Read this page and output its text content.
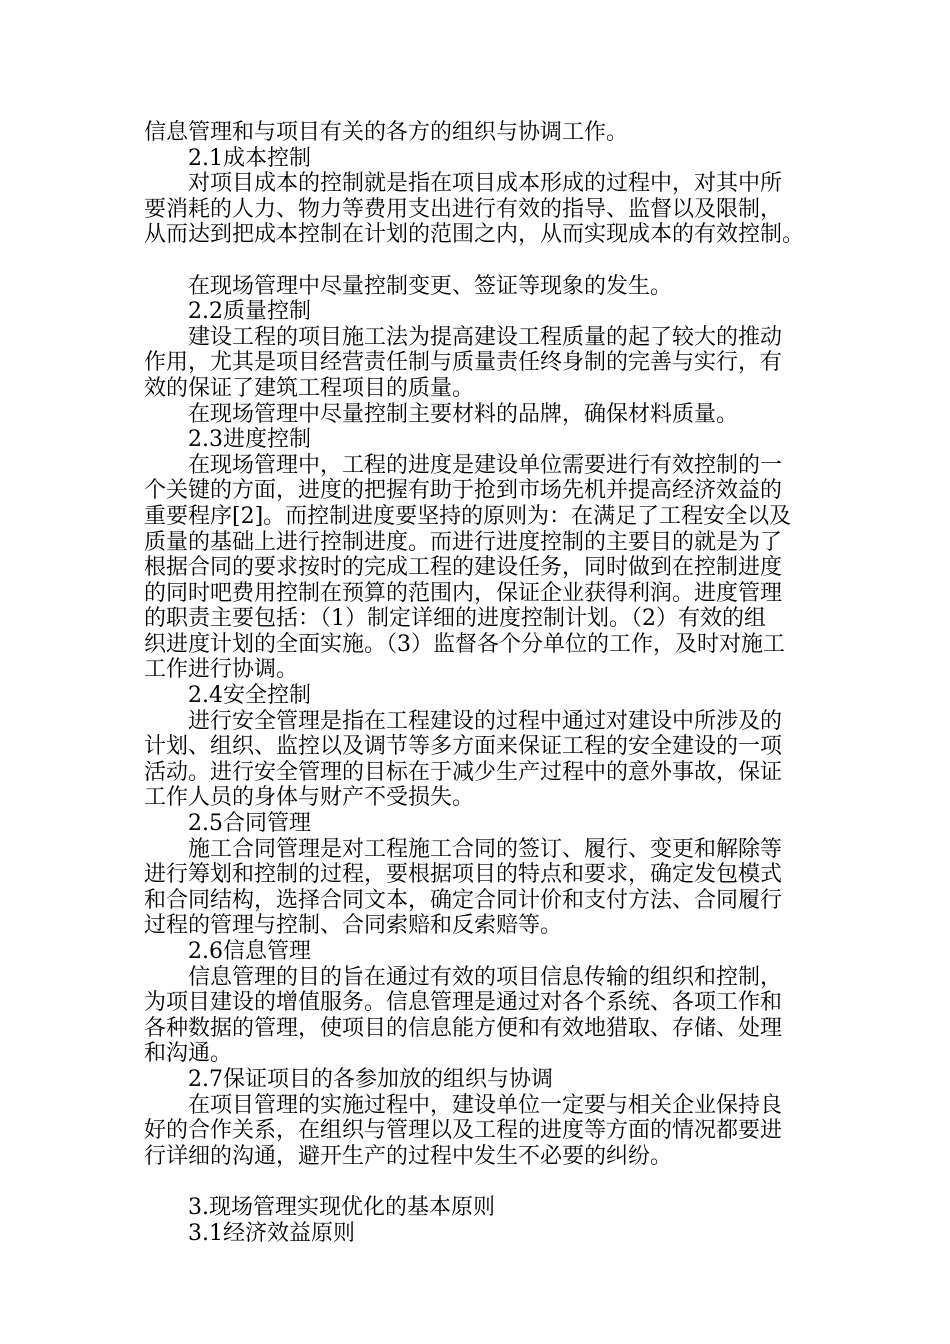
信息管理和与项目有关的各方的组织与协调工作。
2.1成本控制
对项目成本的控制就是指在项目成本形成的过程中，对其中所
要消耗的人力、物力等费用支出进行有效的指导、监督以及限制，
从而达到把成本控制在计划的范围之内，从而实现成本的有效控制。
在现场管理中尽量控制变更、签证等现象的发生。
2.2质量控制
建设工程的项目施工法为提高建设工程质量的起了较大的推动
作用，尤其是项目经营责任制与质量责任终身制的完善与实行，有
效的保证了建筑工程项目的质量。
在现场管理中尽量控制主要材料的品牌，确保材料质量。
2.3进度控制
在现场管理中，工程的进度是建设单位需要进行有效控制的一
个关键的方面，进度的把握有助于抢到市场先机并提高经济效益的
重要程序[2]。而控制进度要坚持的原则为：在满足了工程安全以及
质量的基础上进行控制进度。而进行进度控制的主要目的就是为了
根据合同的要求按时的完成工程的建设任务，同时做到在控制进度
的同时吧费用控制在预算的范围内，保证企业获得利润。进度管理
的职责主要包括：（1）制定详细的进度控制计划。（2）有效的组
织进度计划的全面实施。（3）监督各个分单位的工作，及时对施工
工作进行协调。
2.4安全控制
进行安全管理是指在工程建设的过程中通过对建设中所涉及的
计划、组织、监控以及调节等多方面来保证工程的安全建设的一项
活动。进行安全管理的目标在于减少生产过程中的意外事故，保证
工作人员的身体与财产不受损失。
2.5合同管理
施工合同管理是对工程施工合同的签订、履行、变更和解除等
进行筹划和控制的过程，要根据项目的特点和要求，确定发包模式
和合同结构，选择合同文本，确定合同计价和支付方法、合同履行
过程的管理与控制、合同索赔和反索赔等。
2.6信息管理
信息管理的目的旨在通过有效的项目信息传输的组织和控制，
为项目建设的增值服务。信息管理是通过对各个系统、各项工作和
各种数据的管理，使项目的信息能方便和有效地猎取、存储、处理
和沟通。
2.7保证项目的各参加放的组织与协调
在项目管理的实施过程中，建设单位一定要与相关企业保持良
好的合作关系，在组织与管理以及工程的进度等方面的情况都要进
行详细的沟通，避开生产的过程中发生不必要的纠纷。
3.现场管理实现优化的基本原则
3.1经济效益原则
